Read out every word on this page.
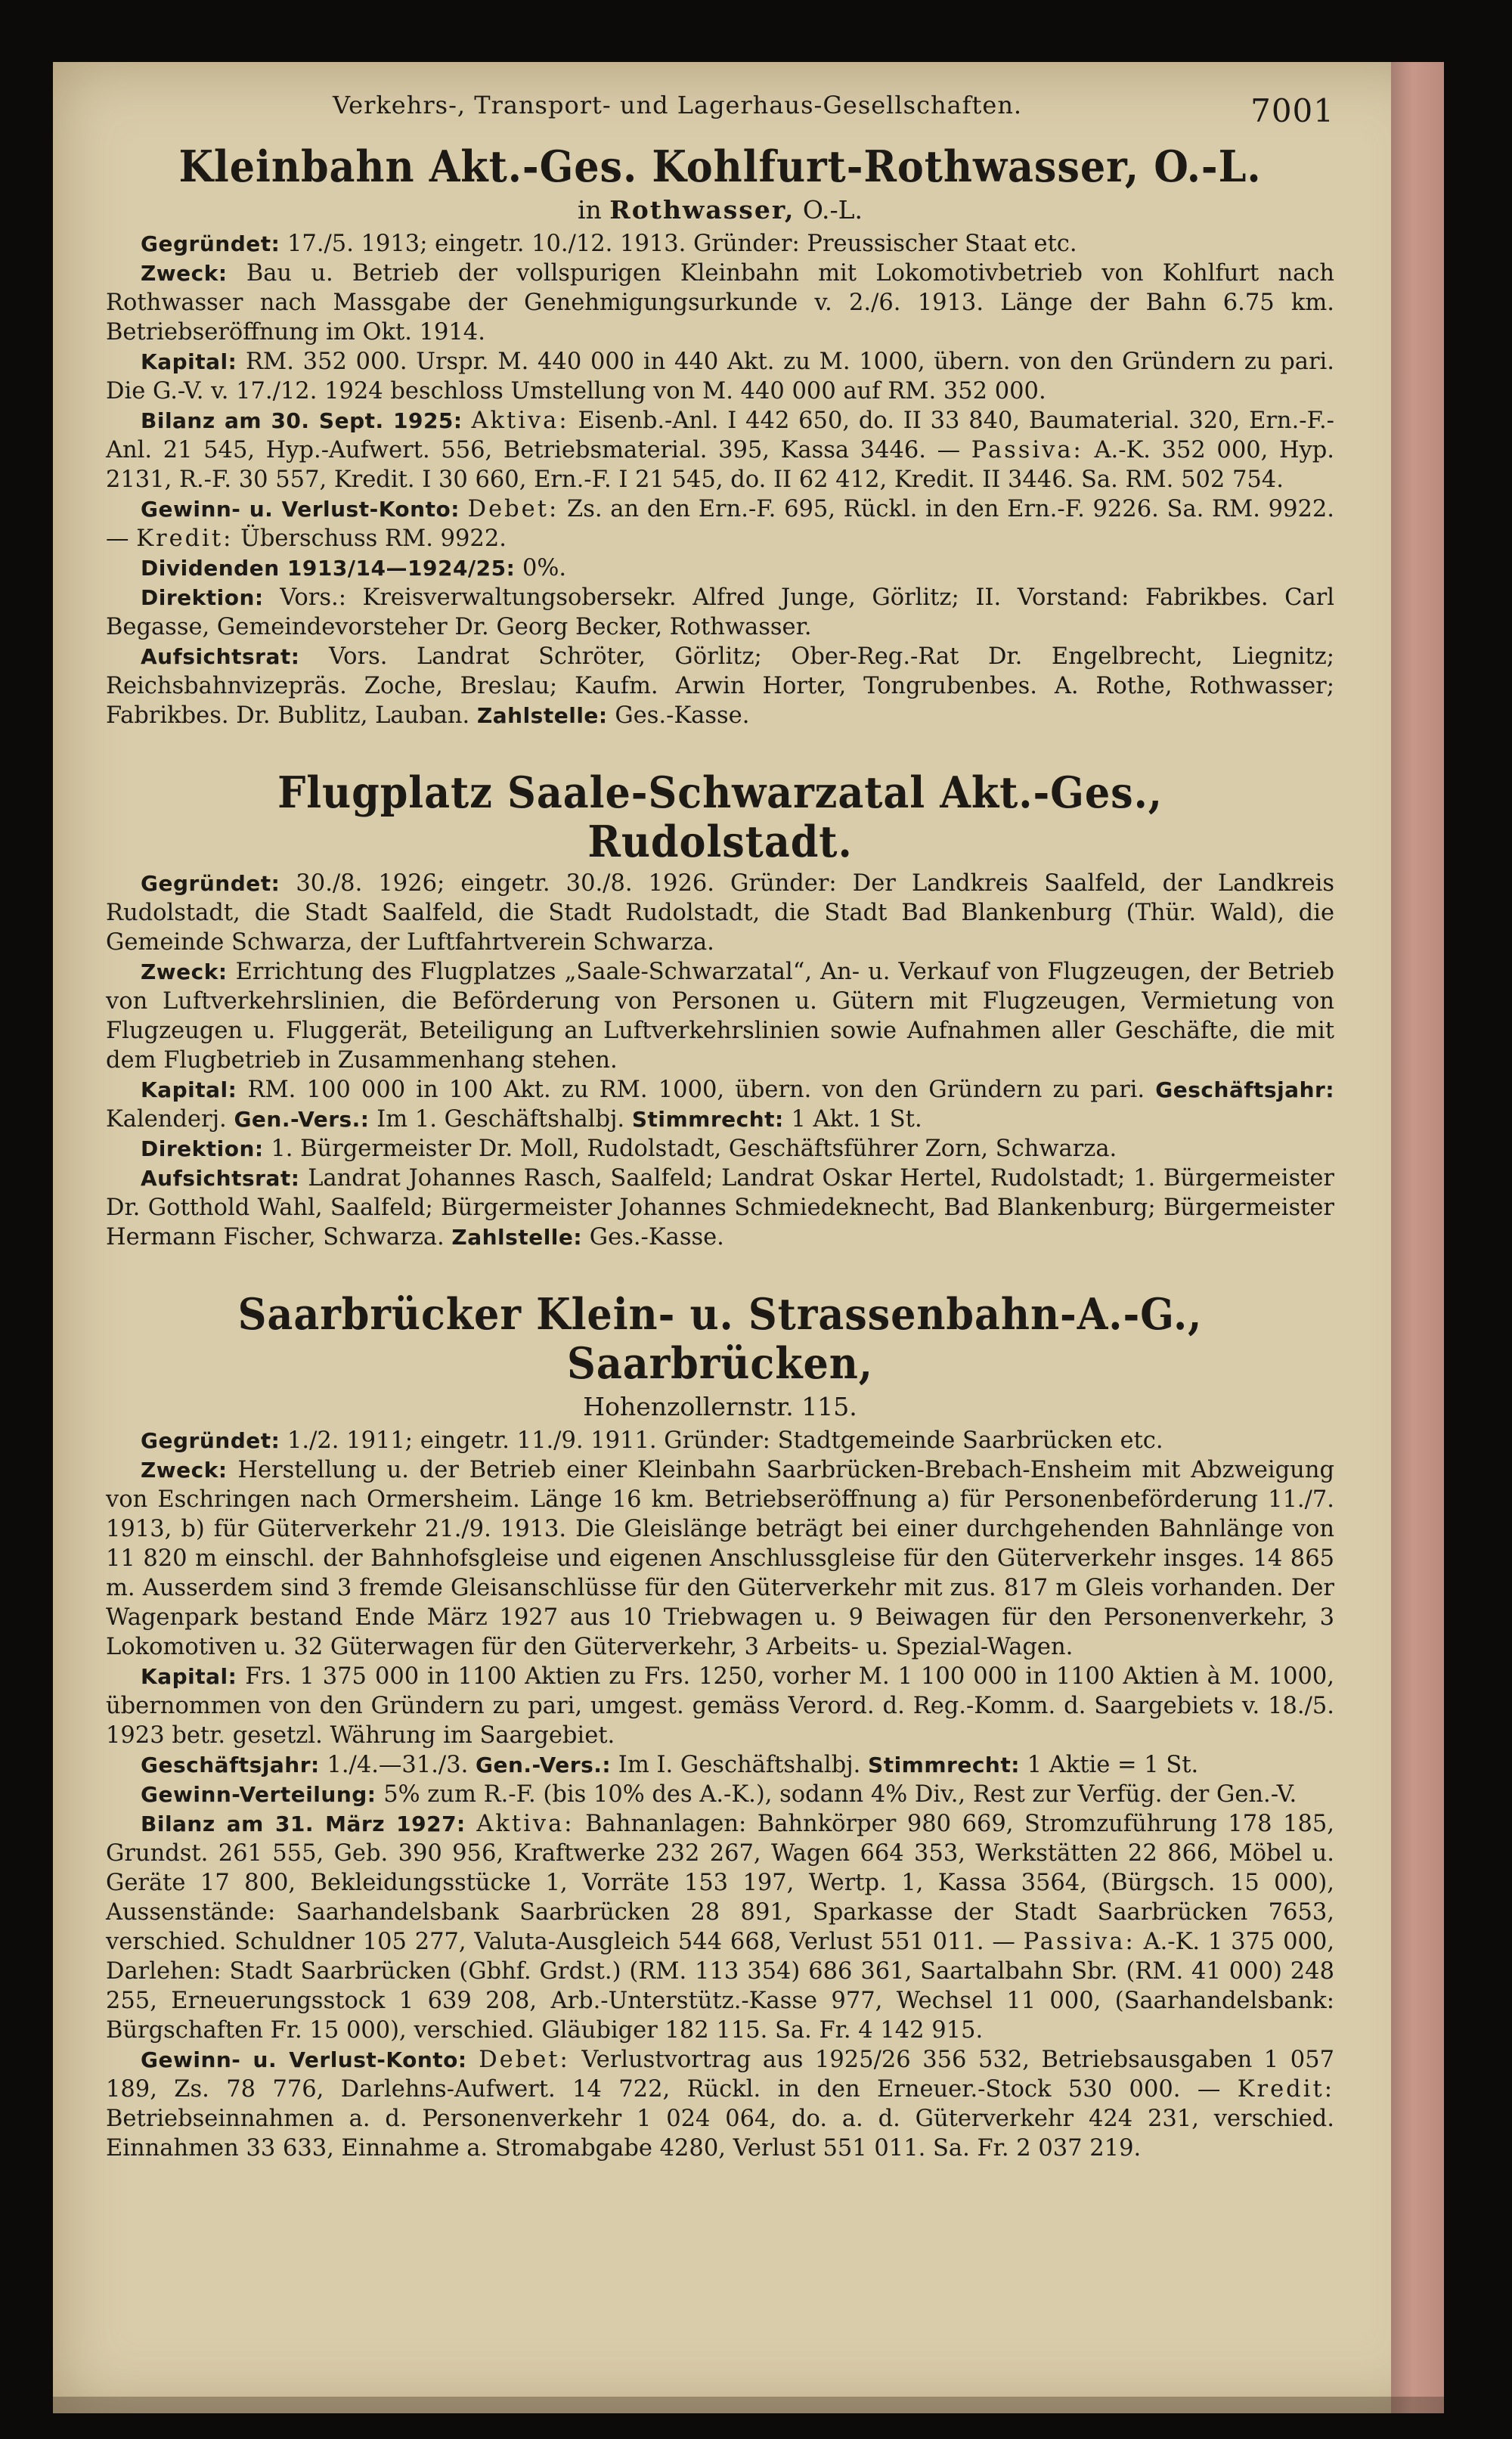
Verkehrs-, Transport- und Lagerhaus-Gesellschaften.	7001
Kleinbahn Akt.-Ges. Kohlfurt-Rothwasser, O.-L.
in Rothwasser, O.-L.

Gegründet: 17./5. 1913; eingetr. 10./12. 1913. Gründer: Preussischer Staat etc.

Zweck: Bau u. Betrieb der vollspurigen Kleinbahn mit Lokomotivbetrieb von Kohlfurt nach Rothwasser nach Massgabe der Genehmigungsurkunde v. 2./6. 1913. Länge der Bahn 6.75 km. Betriebseröffnung im Okt. 1914.

Kapital: RM. 352 000. Urspr. M. 440 000 in 440 Akt. zu M. 1000, übern. von den Gründern zu pari. Die G.-V. v. 17./12. 1924 beschloss Umstellung von M. 440 000 auf RM. 352 000.

Bilanz am 30. Sept. 1925: Aktiva: Eisenb.-Anl. I 442 650, do. II 33 840, Baumaterial. 320, Ern.-F.-Anl. 21 545, Hyp.-Aufwert. 556, Betriebsmaterial. 395, Kassa 3446. — Passiva: A.-K. 352 000, Hyp. 2131, R.-F. 30 557, Kredit. I 30 660, Ern.-F. I 21 545, do. II 62 412, Kredit. II 3446. Sa. RM. 502 754.

Gewinn- u. Verlust-Konto: Debet: Zs. an den Ern.-F. 695, Rückl. in den Ern.-F. 9226. Sa. RM. 9922. — Kredit: Überschuss RM. 9922.

Dividenden 1913/14—1924/25: 0%.

Direktion: Vors.: Kreisverwaltungsobersekr. Alfred Junge, Görlitz; II. Vorstand: Fabrikbes. Carl Begasse, Gemeindevorsteher Dr. Georg Becker, Rothwasser.

Aufsichtsrat: Vors. Landrat Schröter, Görlitz; Ober-Reg.-Rat Dr. Engelbrecht, Liegnitz; Reichsbahnvizepräs. Zoche, Breslau; Kaufm. Arwin Horter, Tongrubenbes. A. Rothe, Rothwasser; Fabrikbes. Dr. Bublitz, Lauban. Zahlstelle: Ges.-Kasse.

Flugplatz Saale-Schwarzatal Akt.-Ges., Rudolstadt.

Gegründet: 30./8. 1926; eingetr. 30./8. 1926. Gründer: Der Landkreis Saalfeld, der Landkreis Rudolstadt, die Stadt Saalfeld, die Stadt Rudolstadt, die Stadt Bad Blankenburg (Thür. Wald), die Gemeinde Schwarza, der Luftfahrtverein Schwarza.

Zweck: Errichtung des Flugplatzes „Saale-Schwarzatal“, An- u. Verkauf von Flugzeugen, der Betrieb von Luftverkehrslinien, die Beförderung von Personen u. Gütern mit Flugzeugen, Vermietung von Flugzeugen u. Fluggerät, Beteiligung an Luftverkehrslinien sowie Aufnahmen aller Geschäfte, die mit dem Flugbetrieb in Zusammenhang stehen.

Kapital: RM. 100 000 in 100 Akt. zu RM. 1000, übern. von den Gründern zu pari. Geschäftsjahr: Kalenderj. Gen.-Vers.: Im 1. Geschäftshalbj. Stimmrecht: 1 Akt. 1 St.

Direktion: 1. Bürgermeister Dr. Moll, Rudolstadt, Geschäftsführer Zorn, Schwarza.

Aufsichtsrat: Landrat Johannes Rasch, Saalfeld; Landrat Oskar Hertel, Rudolstadt; 1. Bürgermeister Dr. Gotthold Wahl, Saalfeld; Bürgermeister Johannes Schmiedeknecht, Bad Blankenburg; Bürgermeister Hermann Fischer, Schwarza. Zahlstelle: Ges.-Kasse.

Saarbrücker Klein- u. Strassenbahn-A.-G., Saarbrücken,
Hohenzollernstr. 115.

Gegründet: 1./2. 1911; eingetr. 11./9. 1911. Gründer: Stadtgemeinde Saarbrücken etc.

Zweck: Herstellung u. der Betrieb einer Kleinbahn Saarbrücken-Brebach-Ensheim mit Abzweigung von Eschringen nach Ormersheim. Länge 16 km. Betriebseröffnung a) für Personenbeförderung 11./7. 1913, b) für Güterverkehr 21./9. 1913. Die Gleislänge beträgt bei einer durchgehenden Bahnlänge von 11 820 m einschl. der Bahnhofsgleise und eigenen Anschlussgleise für den Güterverkehr insges. 14 865 m. Ausserdem sind 3 fremde Gleisanschlüsse für den Güterverkehr mit zus. 817 m Gleis vorhanden. Der Wagenpark bestand Ende März 1927 aus 10 Triebwagen u. 9 Beiwagen für den Personenverkehr, 3 Lokomotiven u. 32 Güterwagen für den Güterverkehr, 3 Arbeits- u. Spezial-Wagen.

Kapital: Frs. 1 375 000 in 1100 Aktien zu Frs. 1250, vorher M. 1 100 000 in 1100 Aktien à M. 1000, übernommen von den Gründern zu pari, umgest. gemäss Verord. d. Reg.-Komm. d. Saargebiets v. 18./5. 1923 betr. gesetzl. Währung im Saargebiet.

Geschäftsjahr: 1./4.—31./3. Gen.-Vers.: Im I. Geschäftshalbj. Stimmrecht: 1 Aktie = 1 St.

Gewinn-Verteilung: 5% zum R.-F. (bis 10% des A.-K.), sodann 4% Div., Rest zur Verfüg. der Gen.-V.

Bilanz am 31. März 1927: Aktiva: Bahnanlagen: Bahnkörper 980 669, Stromzuführung 178 185, Grundst. 261 555, Geb. 390 956, Kraftwerke 232 267, Wagen 664 353, Werkstätten 22 866, Möbel u. Geräte 17 800, Bekleidungsstücke 1, Vorräte 153 197, Wertp. 1, Kassa 3564, (Bürgsch. 15 000), Aussenstände: Saarhandelsbank Saarbrücken 28 891, Sparkasse der Stadt Saarbrücken 7653, verschied. Schuldner 105 277, Valuta-Ausgleich 544 668, Verlust 551 011. — Passiva: A.-K. 1 375 000, Darlehen: Stadt Saarbrücken (Gbhf. Grdst.) (RM. 113 354) 686 361, Saartalbahn Sbr. (RM. 41 000) 248 255, Erneuerungsstock 1 639 208, Arb.-Unterstütz.-Kasse 977, Wechsel 11 000, (Saarhandelsbank: Bürgschaften Fr. 15 000), verschied. Gläubiger 182 115. Sa. Fr. 4 142 915.

Gewinn- u. Verlust-Konto: Debet: Verlustvortrag aus 1925/26 356 532, Betriebsausgaben 1 057 189, Zs. 78 776, Darlehns-Aufwert. 14 722, Rückl. in den Erneuer.-Stock 530 000. — Kredit: Betriebseinnahmen a. d. Personenverkehr 1 024 064, do. a. d. Güterverkehr 424 231, verschied. Einnahmen 33 633, Einnahme a. Stromabgabe 4280, Verlust 551 011. Sa. Fr. 2 037 219.
